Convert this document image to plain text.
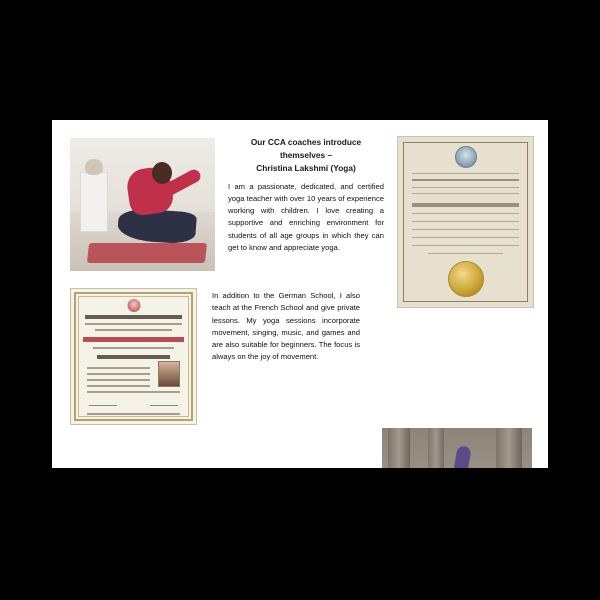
Our CCA coaches introduce themselves –
Christina Lakshmi (Yoga)

I am a passionate, dedicated, and certified yoga teacher with over 10 years of experience working with children. I love creating a supportive and enriching environment for students of all age groups in which they can get to know and appreciate yoga.

In addition to the German School, I also teach at the French School and give private lessons. My yoga sessions incorporate movement, singing, music, and games and are also suitable for beginners. The focus is always on the joy of movement.
